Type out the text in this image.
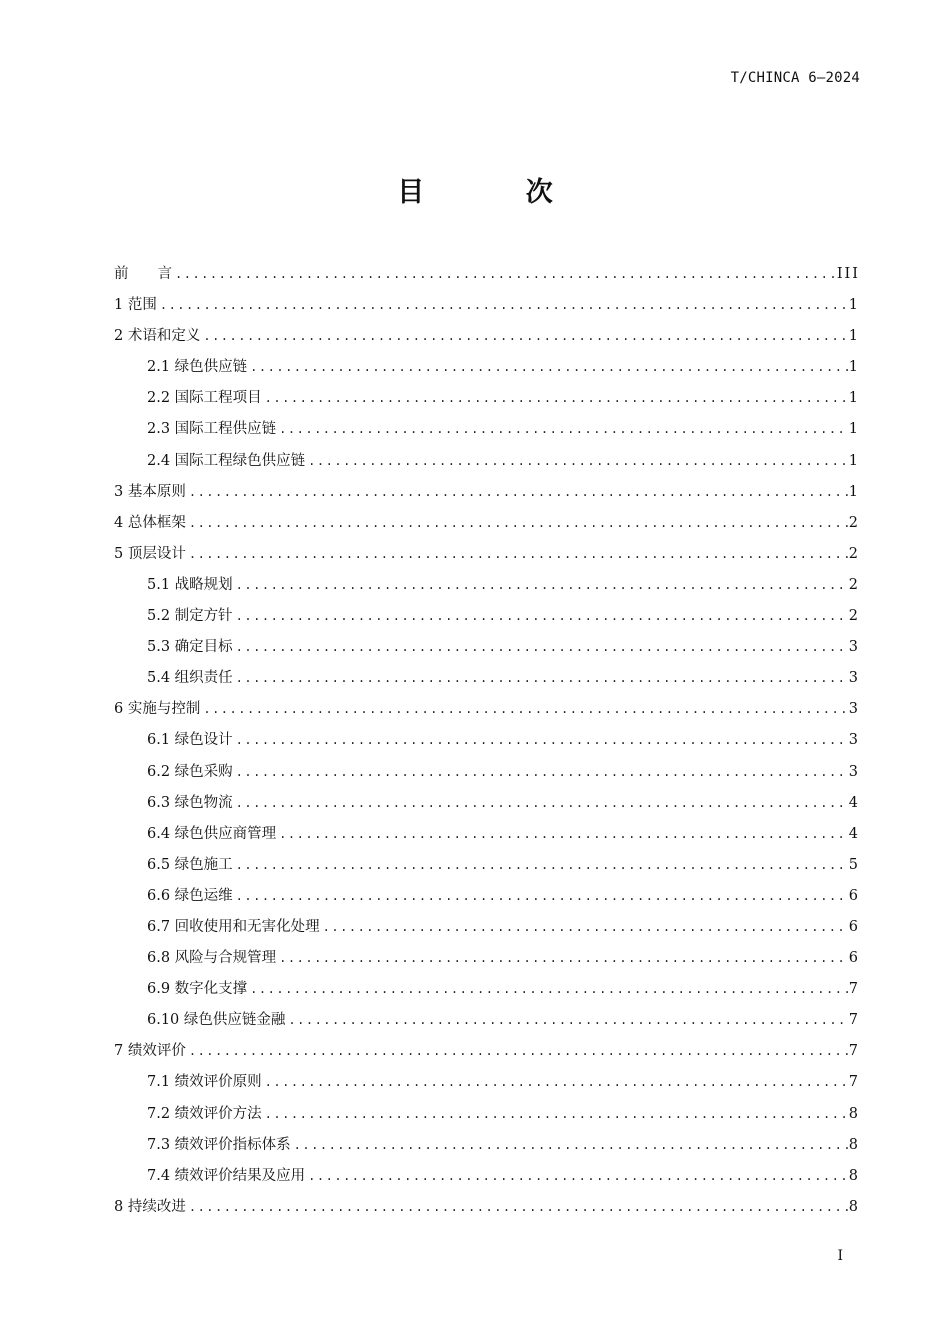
T/CHINCA 6—2024
目 次
前　　言 .....	III
1 范围 .....	1
2 术语和定义 .....	1
2.1 绿色供应链 .....	1
2.2 国际工程项目 .....	1
2.3 国际工程供应链 .....	1
2.4 国际工程绿色供应链 .....	1
3 基本原则 .....	1
4 总体框架 .....	2
5 顶层设计 .....	2
5.1 战略规划 .....	2
5.2 制定方针 .....	2
5.3 确定目标 .....	3
5.4 组织责任 .....	3
6 实施与控制 .....	3
6.1 绿色设计 .....	3
6.2 绿色采购 .....	3
6.3 绿色物流 .....	4
6.4 绿色供应商管理 .....	4
6.5 绿色施工 .....	5
6.6 绿色运维 .....	6
6.7 回收使用和无害化处理 .....	6
6.8 风险与合规管理 .....	6
6.9 数字化支撑 .....	7
6.10 绿色供应链金融 .....	7
7 绩效评价 .....	7
7.1 绩效评价原则 .....	7
7.2 绩效评价方法 .....	8
7.3 绩效评价指标体系 .....	8
7.4 绩效评价结果及应用 .....	8
8 持续改进 .....	8
I
